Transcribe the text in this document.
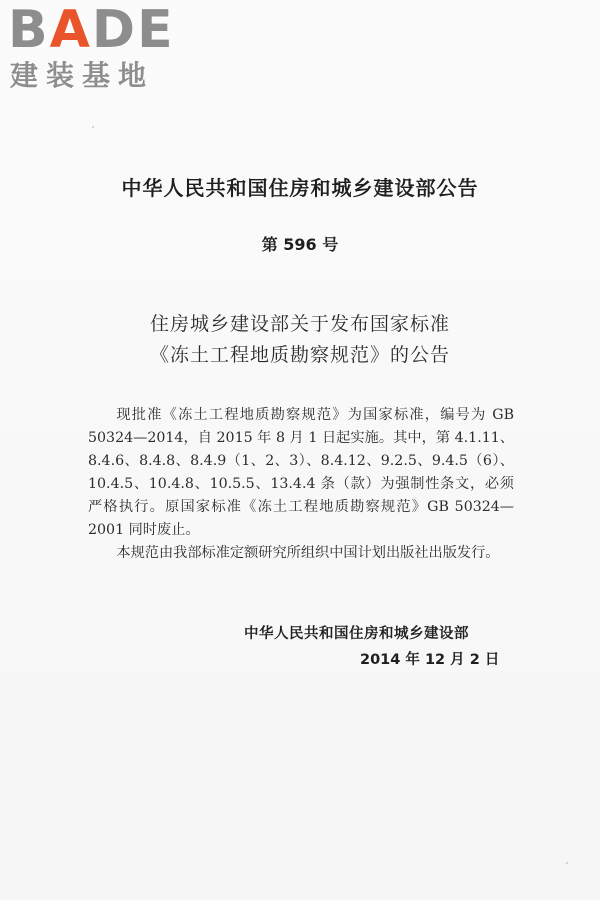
BADE
建装基地
中华人民共和国住房和城乡建设部公告
第 596 号
住房城乡建设部关于发布国家标准
《冻土工程地质勘察规范》的公告

现批准《冻土工程地质勘察规范》为国家标准，编号为 GB 50324—2014，自 2015 年 8 月 1 日起实施。其中，第 4.1.11、8.4.6、8.4.8、8.4.9（1、2、3）、8.4.12、9.2.5、9.4.5（6）、10.4.5、10.4.8、10.5.5、13.4.4 条（款）为强制性条文，必须严格执行。原国家标准《冻土工程地质勘察规范》GB 50324—2001 同时废止。

本规范由我部标准定额研究所组织中国计划出版社出版发行。

中华人民共和国住房和城乡建设部
2014 年 12 月 2 日
